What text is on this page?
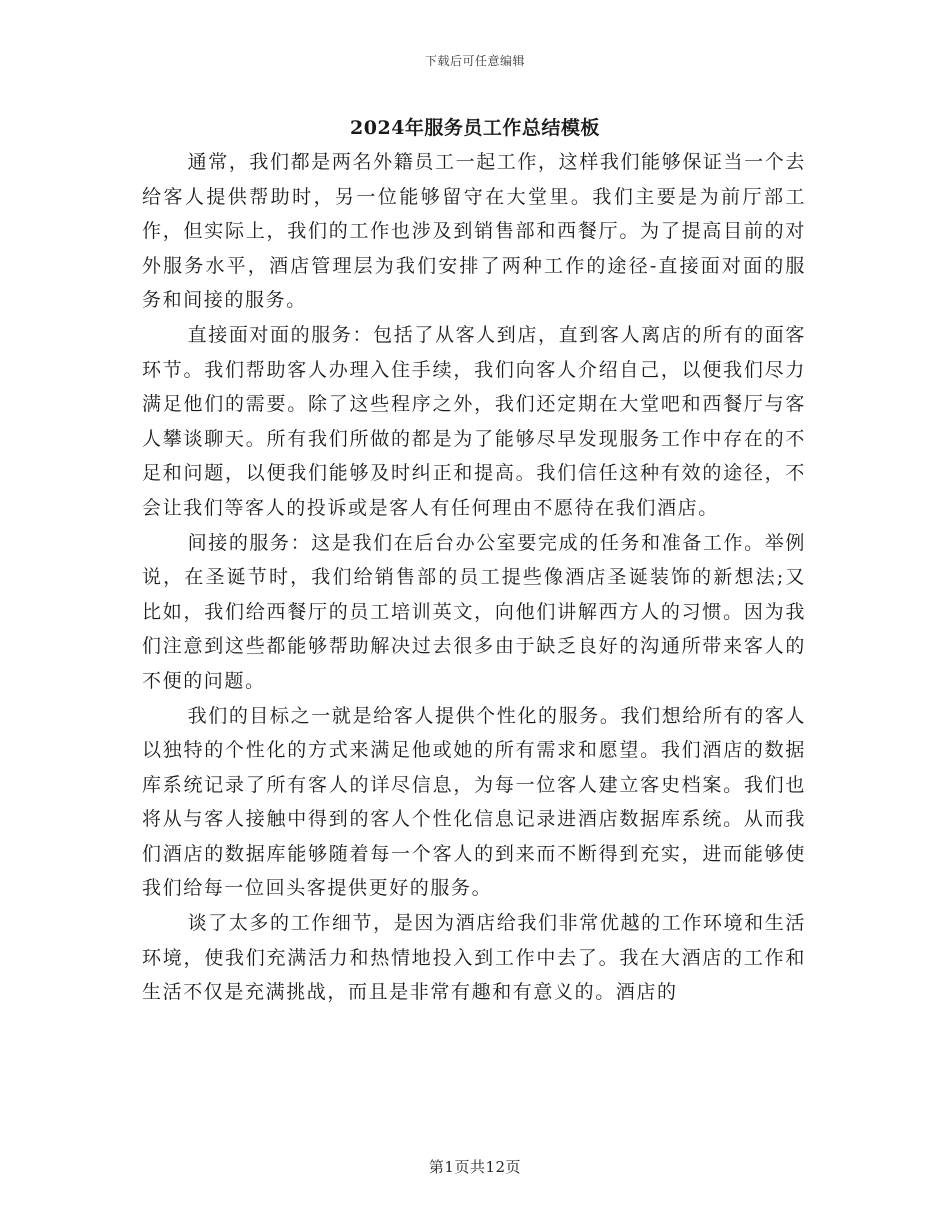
下载后可任意编辑
2024年服务员工作总结模板

通常，我们都是两名外籍员工一起工作，这样我们能够保证当一个去给客人提供帮助时，另一位能够留守在大堂里。我们主要是为前厅部工作，但实际上，我们的工作也涉及到销售部和西餐厅。为了提高目前的对外服务水平，酒店管理层为我们安排了两种工作的途径-直接面对面的服务和间接的服务。

直接面对面的服务：包括了从客人到店，直到客人离店的所有的面客环节。我们帮助客人办理入住手续，我们向客人介绍自己，以便我们尽力满足他们的需要。除了这些程序之外，我们还定期在大堂吧和西餐厅与客人攀谈聊天。所有我们所做的都是为了能够尽早发现服务工作中存在的不足和问题，以便我们能够及时纠正和提高。我们信任这种有效的途径，不会让我们等客人的投诉或是客人有任何理由不愿待在我们酒店。

间接的服务：这是我们在后台办公室要完成的任务和准备工作。举例说，在圣诞节时，我们给销售部的员工提些像酒店圣诞装饰的新想法;又比如，我们给西餐厅的员工培训英文，向他们讲解西方人的习惯。因为我们注意到这些都能够帮助解决过去很多由于缺乏良好的沟通所带来客人的不便的问题。

我们的目标之一就是给客人提供个性化的服务。我们想给所有的客人以独特的个性化的方式来满足他或她的所有需求和愿望。我们酒店的数据库系统记录了所有客人的详尽信息，为每一位客人建立客史档案。我们也将从与客人接触中得到的客人个性化信息记录进酒店数据库系统。从而我们酒店的数据库能够随着每一个客人的到来而不断得到充实，进而能够使我们给每一位回头客提供更好的服务。

谈了太多的工作细节，是因为酒店给我们非常优越的工作环境和生活环境，使我们充满活力和热情地投入到工作中去了。我在大酒店的工作和生活不仅是充满挑战，而且是非常有趣和有意义的。酒店的

第1页共12页
